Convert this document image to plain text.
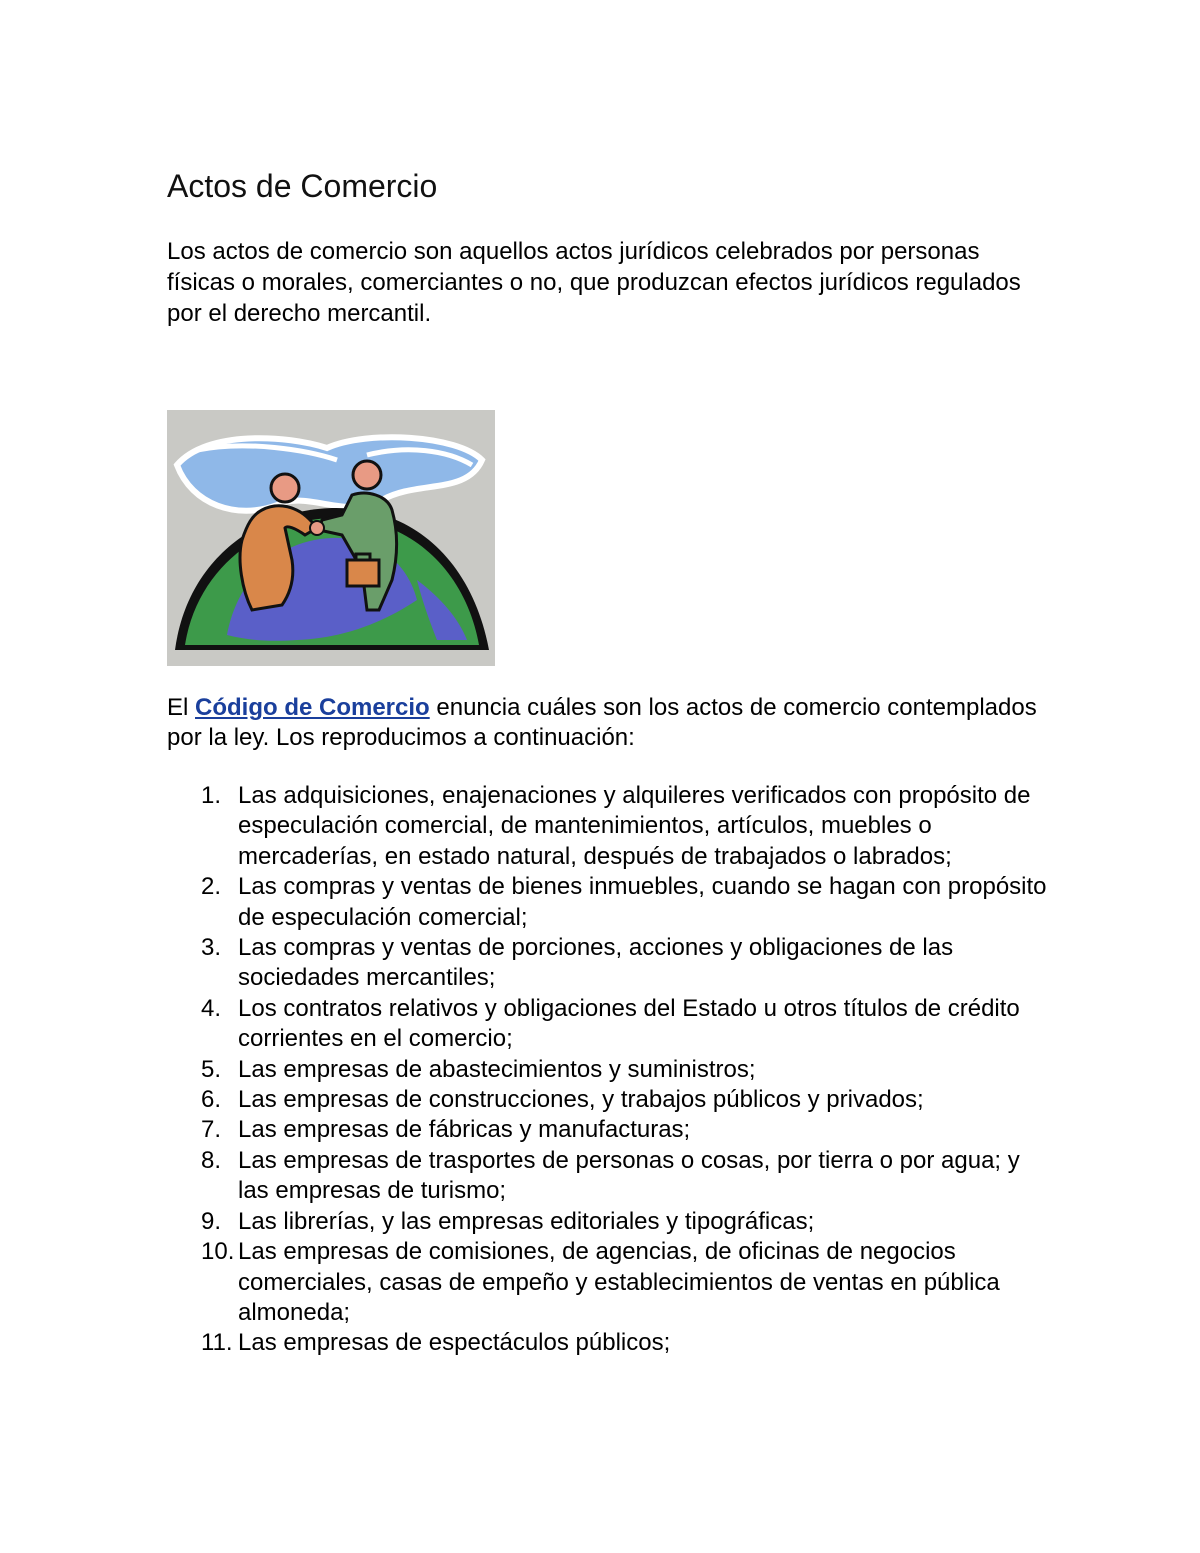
Actos de Comercio

Los actos de comercio son aquellos actos jurídicos celebrados por personas físicas o morales, comerciantes o no, que produzcan efectos jurídicos regulados por el derecho mercantil.

El Código de Comercio enuncia cuáles son los actos de comercio contemplados por la ley. Los reproducimos a continuación:

1. Las adquisiciones, enajenaciones y alquileres verificados con propósito de especulación comercial, de mantenimientos, artículos, muebles o mercaderías, en estado natural, después de trabajados o labrados;
2. Las compras y ventas de bienes inmuebles, cuando se hagan con propósito de especulación comercial;
3. Las compras y ventas de porciones, acciones y obligaciones de las sociedades mercantiles;
4. Los contratos relativos y obligaciones del Estado u otros títulos de crédito corrientes en el comercio;
5. Las empresas de abastecimientos y suministros;
6. Las empresas de construcciones, y trabajos públicos y privados;
7. Las empresas de fábricas y manufacturas;
8. Las empresas de trasportes de personas o cosas, por tierra o por agua; y las empresas de turismo;
9. Las librerías, y las empresas editoriales y tipográficas;
10. Las empresas de comisiones, de agencias, de oficinas de negocios comerciales, casas de empeño y establecimientos de ventas en pública almoneda;
11. Las empresas de espectáculos públicos;
